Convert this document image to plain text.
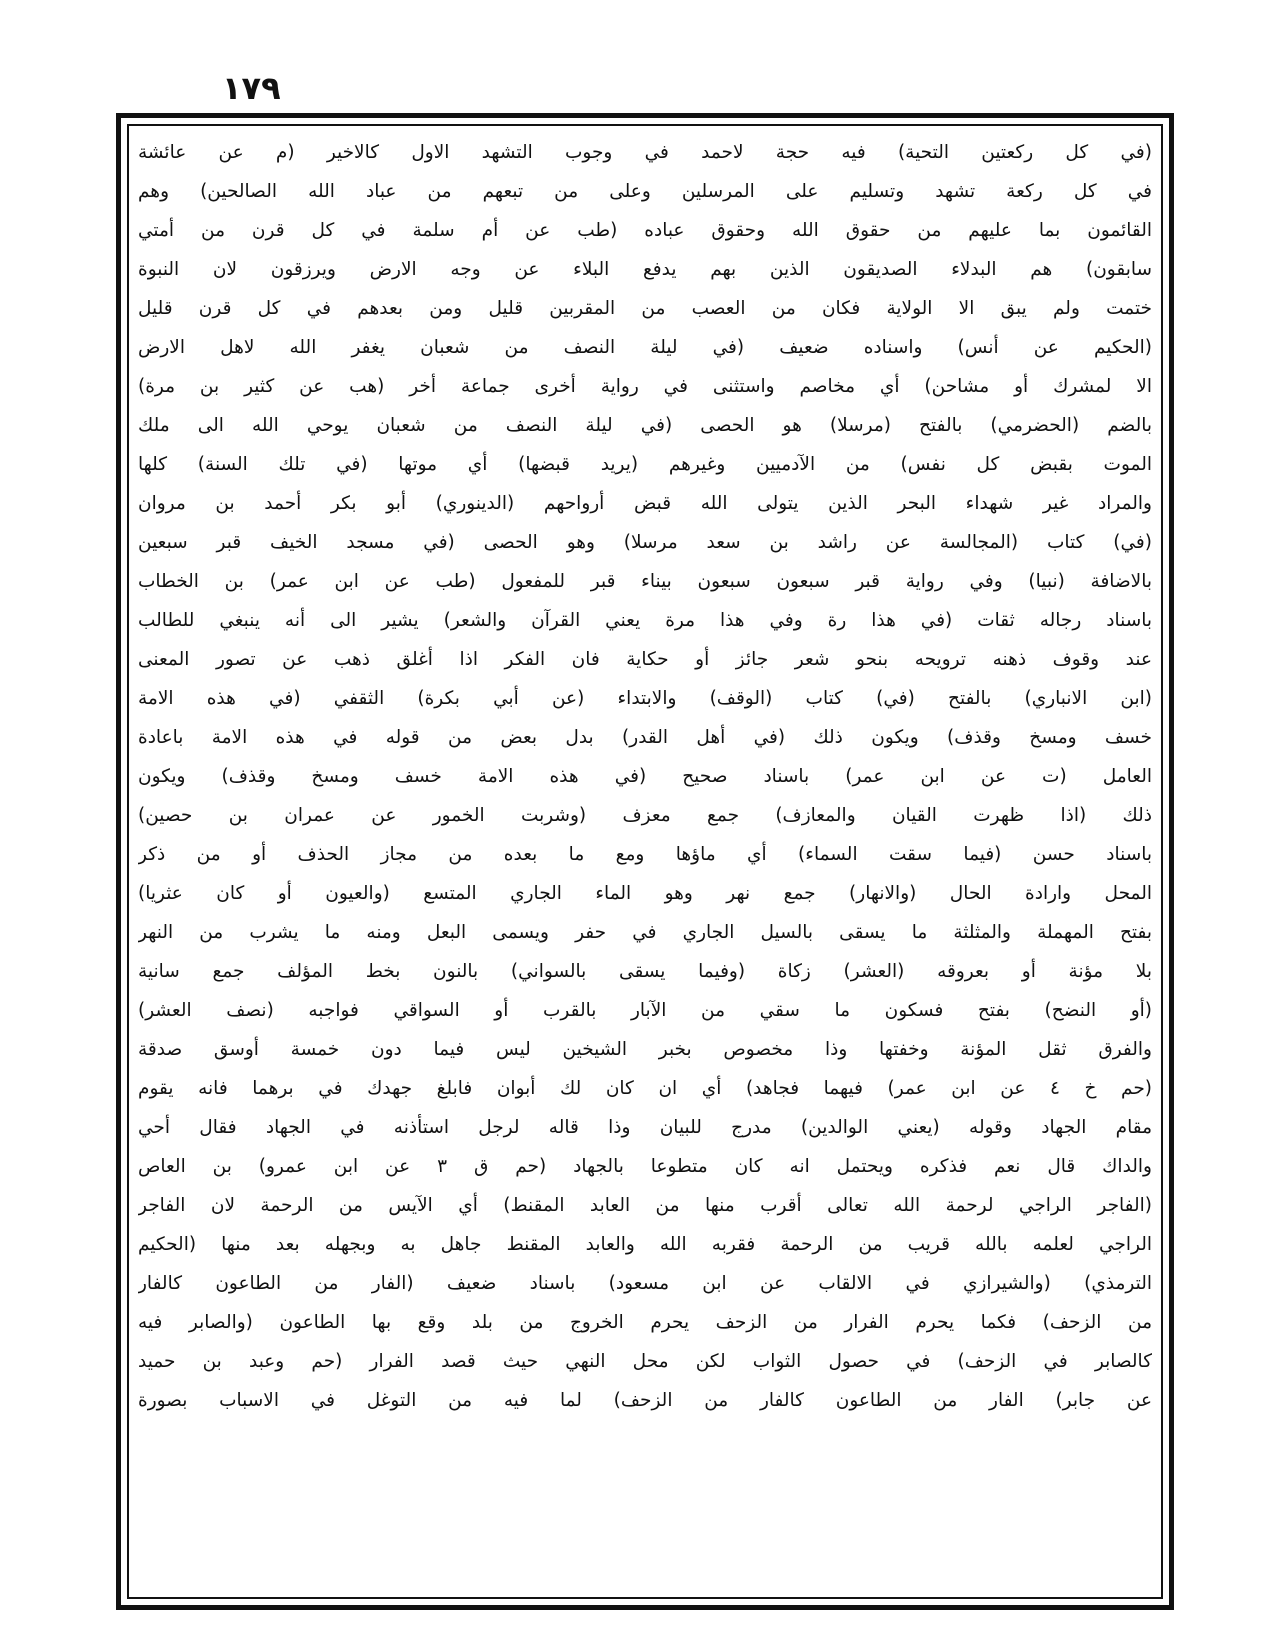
١٧٩
(في كل ركعتين التحية) فيه حجة لاحمد في وجوب التشهد الاول كالاخير (م عن عائشة
في كل ركعة تشهد وتسليم على المرسلين وعلى من تبعهم من عباد الله الصالحين) وهم
القائمون بما عليهم من حقوق الله وحقوق عباده (طب عن أم سلمة في كل قرن من أمتي
سابقون) هم البدلاء الصديقون الذين بهم يدفع البلاء عن وجه الارض ويرزقون لان النبوة
ختمت ولم يبق الا الولاية فكان من العصب من المقربين قليل ومن بعدهم في كل قرن قليل
(الحكيم عن أنس) واسناده ضعيف (في ليلة النصف من شعبان يغفر الله لاهل الارض
الا لمشرك أو مشاحن) أي مخاصم واستثنى في رواية أخرى جماعة أخر (هب عن كثير بن مرة)
بالضم (الحضرمي) بالفتح (مرسلا) هو الحصى (في ليلة النصف من شعبان يوحي الله الى ملك
الموت بقبض كل نفس) من الآدميين وغيرهم (يريد قبضها) أي موتها (في تلك السنة) كلها
والمراد غير شهداء البحر الذين يتولى الله قبض أرواحهم (الدينوري) أبو بكر أحمد بن مروان
(في) كتاب (المجالسة عن راشد بن سعد مرسلا) وهو الحصى (في مسجد الخيف قبر سبعين
بالاضافة (نبيا) وفي رواية قبر سبعون سبعون بيناء قبر للمفعول (طب عن ابن عمر) بن الخطاب
باسناد رجاله ثقات (في هذا رة وفي هذا مرة يعني القرآن والشعر) يشير الى أنه ينبغي للطالب
عند وقوف ذهنه ترويحه بنحو شعر جائز أو حكاية فان الفكر اذا أغلق ذهب عن تصور المعنى
(ابن الانباري) بالفتح (في) كتاب (الوقف) والابتداء (عن أبي بكرة) الثقفي (في هذه الامة
خسف ومسخ وقذف) ويكون ذلك (في أهل القدر) بدل بعض من قوله في هذه الامة باعادة
العامل (ت عن ابن عمر) باسناد صحيح (في هذه الامة خسف ومسخ وقذف) ويكون
ذلك (اذا ظهرت القيان والمعازف) جمع معزف (وشربت الخمور عن عمران بن حصين)
باسناد حسن (فيما سقت السماء) أي ماؤها ومع ما بعده من مجاز الحذف أو من ذكر
المحل وارادة الحال (والانهار) جمع نهر وهو الماء الجاري المتسع (والعيون أو كان عثريا)
بفتح المهملة والمثلثة ما يسقى بالسيل الجاري في حفر ويسمى البعل ومنه ما يشرب من النهر
بلا مؤنة أو بعروقه (العشر) زكاة (وفيما يسقى بالسواني) بالنون بخط المؤلف جمع سانية
(أو النضح) بفتح فسكون ما سقي من الآبار بالقرب أو السواقي فواجبه (نصف العشر)
والفرق ثقل المؤنة وخفتها وذا مخصوص بخبر الشيخين ليس فيما دون خمسة أوسق صدقة
(حم خ ٤ عن ابن عمر) فيهما فجاهد) أي ان كان لك أبوان فابلغ جهدك في برهما فانه يقوم
مقام الجهاد وقوله (يعني الوالدين) مدرج للبيان وذا قاله لرجل استأذنه في الجهاد فقال أحي
والداك قال نعم فذكره ويحتمل انه كان متطوعا بالجهاد (حم ق ٣ عن ابن عمرو) بن العاص
(الفاجر الراجي لرحمة الله تعالى أقرب منها من العابد المقنط) أي الآيس من الرحمة لان الفاجر
الراجي لعلمه بالله قريب من الرحمة فقربه الله والعابد المقنط جاهل به وبجهله بعد منها (الحكيم
الترمذي) (والشيرازي في الالقاب عن ابن مسعود) باسناد ضعيف (الفار من الطاعون كالفار
من الزحف) فكما يحرم الفرار من الزحف يحرم الخروج من بلد وقع بها الطاعون (والصابر فيه
كالصابر في الزحف) في حصول الثواب لكن محل النهي حيث قصد الفرار (حم وعبد بن حميد
عن جابر) الفار من الطاعون كالفار من الزحف) لما فيه من التوغل في الاسباب بصورة
